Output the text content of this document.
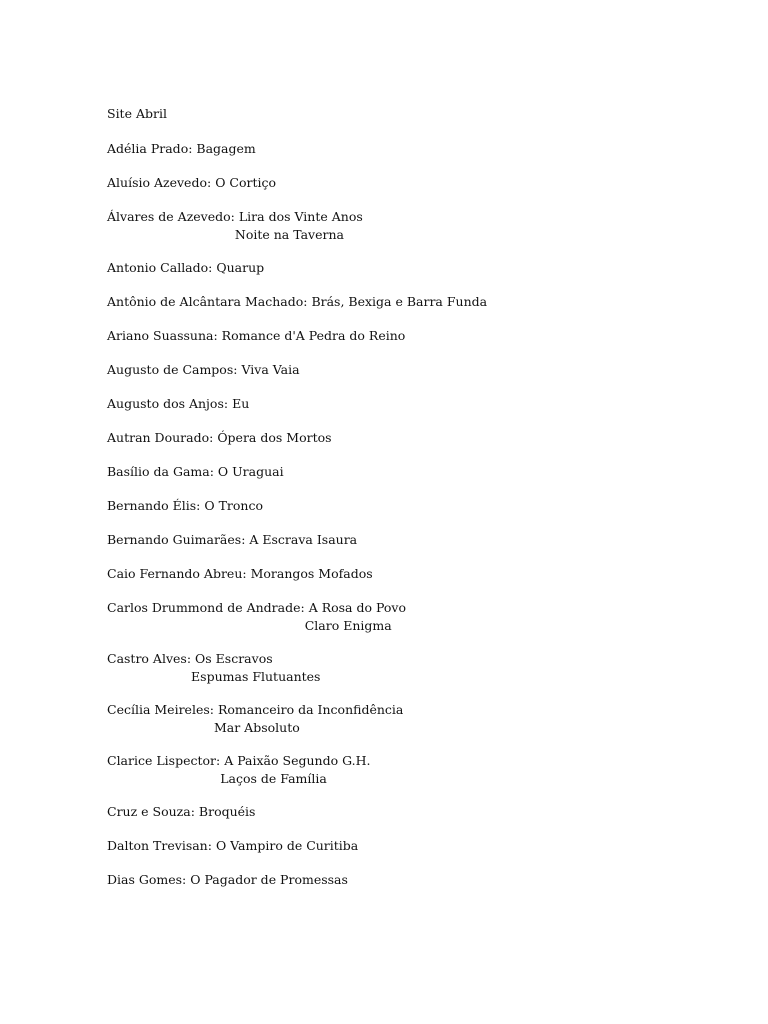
Site Abril

Adélia Prado: Bagagem
Aluísio Azevedo: O Cortiço
Álvares de Azevedo: Lira dos Vinte Anos
Noite na Taverna
Antonio Callado: Quarup
Antônio de Alcântara Machado: Brás, Bexiga e Barra Funda
Ariano Suassuna: Romance d'A Pedra do Reino
Augusto de Campos: Viva Vaia
Augusto dos Anjos: Eu
Autran Dourado: Ópera dos Mortos
Basílio da Gama: O Uraguai
Bernando Élis: O Tronco
Bernando Guimarães: A Escrava Isaura
Caio Fernando Abreu: Morangos Mofados
Carlos Drummond de Andrade: A Rosa do Povo
Claro Enigma
Castro Alves: Os Escravos
Espumas Flutuantes
Cecília Meireles: Romanceiro da Inconfidência
Mar Absoluto
Clarice Lispector: A Paixão Segundo G.H.
Laços de Família
Cruz e Souza: Broquéis
Dalton Trevisan: O Vampiro de Curitiba
Dias Gomes: O Pagador de Promessas
